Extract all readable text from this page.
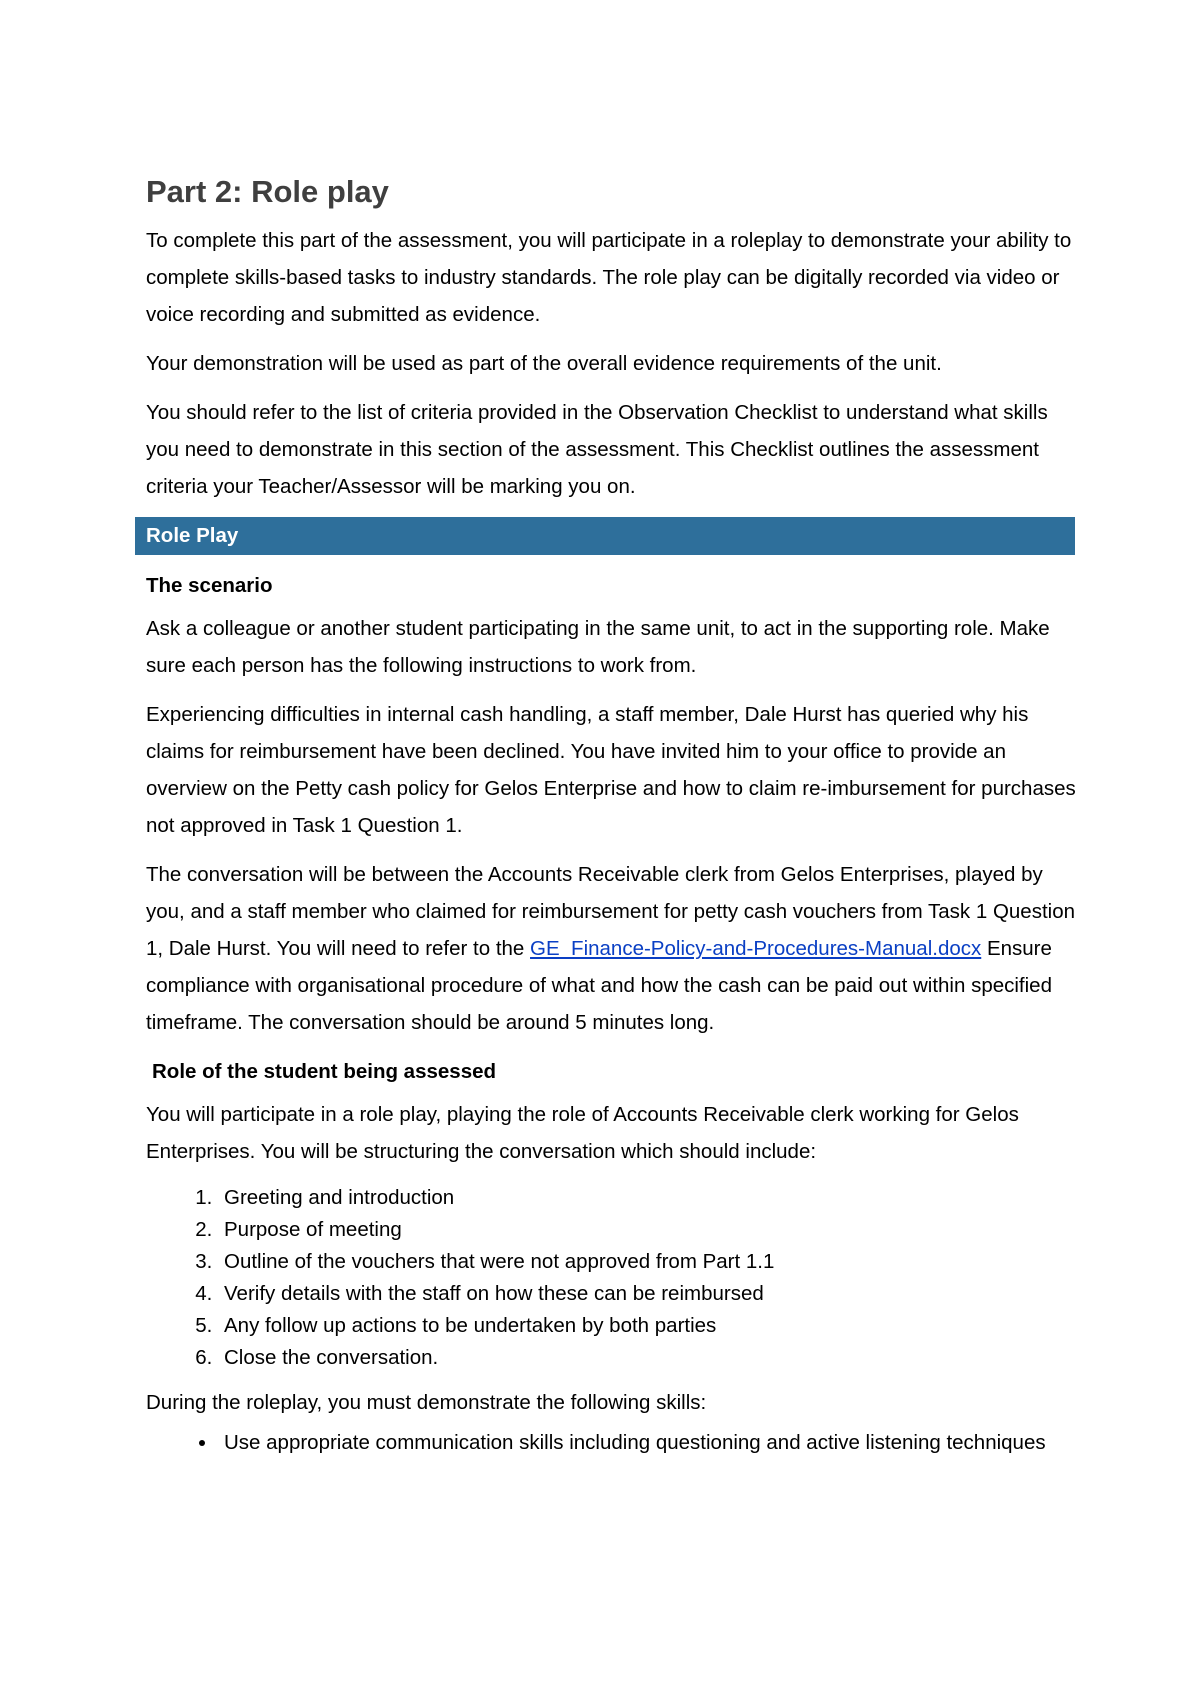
Part 2: Role play

To complete this part of the assessment, you will participate in a roleplay to demonstrate your ability to complete skills-based tasks to industry standards. The role play can be digitally recorded via video or voice recording and submitted as evidence.

Your demonstration will be used as part of the overall evidence requirements of the unit.

You should refer to the list of criteria provided in the Observation Checklist to understand what skills you need to demonstrate in this section of the assessment. This Checklist outlines the assessment criteria your Teacher/Assessor will be marking you on.

Role Play

The scenario

Ask a colleague or another student participating in the same unit, to act in the supporting role. Make sure each person has the following instructions to work from.

Experiencing difficulties in internal cash handling, a staff member, Dale Hurst has queried why his claims for reimbursement have been declined. You have invited him to your office to provide an overview on the Petty cash policy for Gelos Enterprise and how to claim re-imbursement for purchases not approved in Task 1 Question 1.

The conversation will be between the Accounts Receivable clerk from Gelos Enterprises, played by you, and a staff member who claimed for reimbursement for petty cash vouchers from Task 1 Question 1, Dale Hurst. You will need to refer to the GE_Finance-Policy-and-Procedures-Manual.docx Ensure compliance with organisational procedure of what and how the cash can be paid out within specified timeframe. The conversation should be around 5 minutes long.

Role of the student being assessed

You will participate in a role play, playing the role of Accounts Receivable clerk working for Gelos Enterprises. You will be structuring the conversation which should include:

1. Greeting and introduction
2. Purpose of meeting
3. Outline of the vouchers that were not approved from Part 1.1
4. Verify details with the staff on how these can be reimbursed
5. Any follow up actions to be undertaken by both parties
6. Close the conversation.

During the roleplay, you must demonstrate the following skills:

• Use appropriate communication skills including questioning and active listening techniques
